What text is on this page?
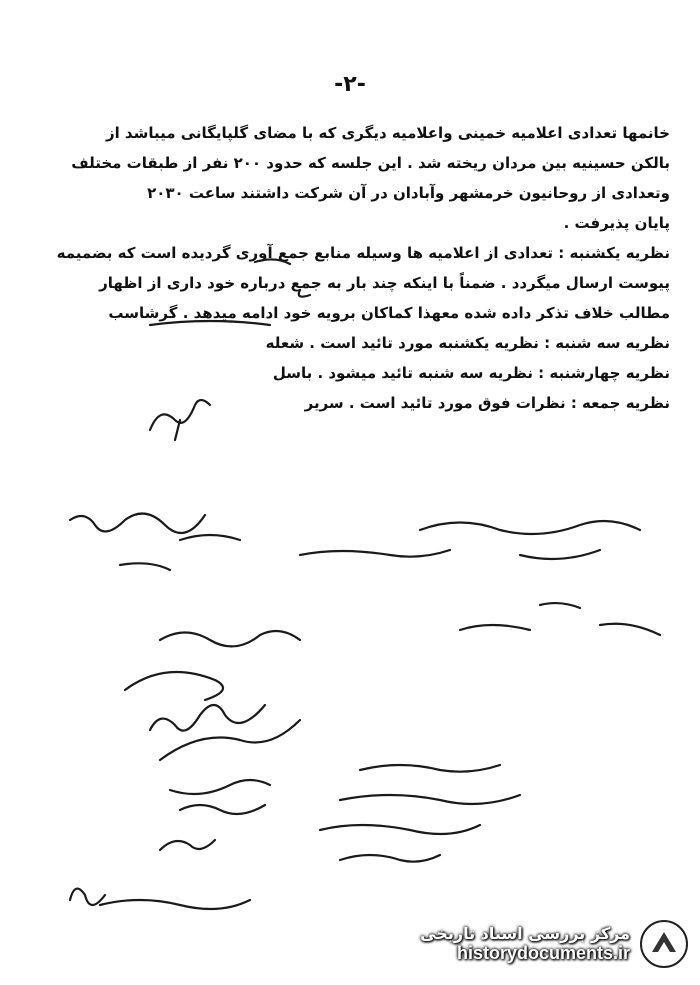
-۲-

خانمها تعدادی اعلامیه خمینی واعلامیه دیگری که با مضای گلپایگانی میباشد از

بالکن حسینیه بین مردان ریخته شد . این جلسه که حدود ۲۰۰ نفر از طبقات مختلف

وتعدادی از روحانیون خرمشهر وآبادان در آن شرکت داشتند ساعت ۲۰۳۰

پایان پذیرفت .

نظریه یکشنبه : تعدادی از اعلامیه ها وسیله منابع جمع آوری گردیده است که بضمیمه

پیوست ارسال میگردد . ضمناً با اینکه چند بار به جمع درباره خود داری از اظهار

مطالب خلاف تذکر داده شده معهذا کماکان برویه خود ادامه میدهد . گرشاسب

نظریه سه شنبه : نظریه یکشنبه مورد تائید است . شعله

نظریه چهارشنبه : نظریه سه شنبه تائید میشود . باسل

نظریه جمعه : نظرات فوق مورد تائید است . سریر

مرکز بررسی اسناد تاریخی
historydocuments.ir
